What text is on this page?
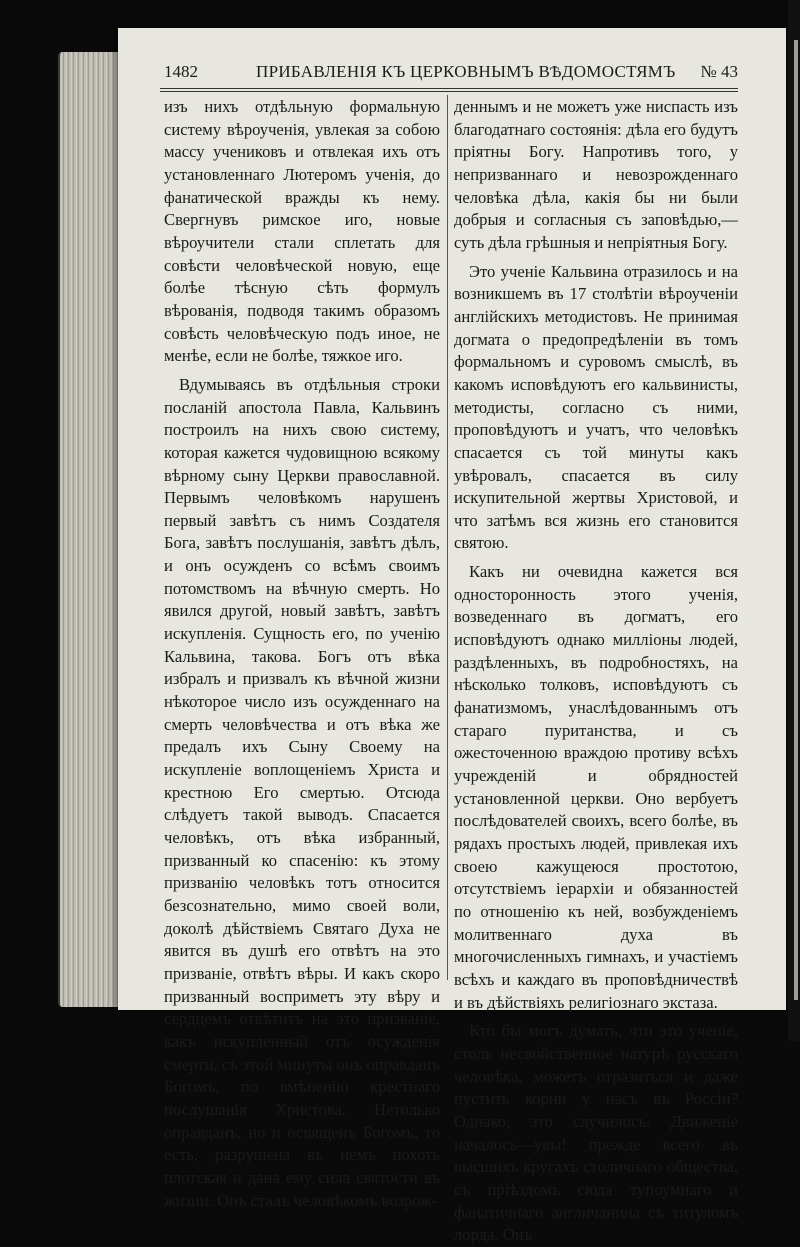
1482	ПРИБАВЛЕНІЯ КЪ ЦЕРКОВНЫМЪ ВѢДОМОСТЯМЪ № 43

изъ нихъ отдѣльную формальную систему вѣроученія, увлекая за собою массу учениковъ и отвлекая ихъ отъ установленнаго Лютеромъ ученія, до фанатической вражды къ нему. Свергнувъ римское иго, новые вѣроучители стали сплетать для совѣсти человѣческой новую, еще болѣе тѣсную сѣть формулъ вѣрованія, подводя такимъ образомъ совѣсть человѣческую подъ иное, не менѣе, если не болѣе, тяжкое иго.

Вдумываясь въ отдѣльныя строки посланій апостола Павла, Кальвинъ построилъ на нихъ свою систему, которая кажется чудовищною всякому вѣрному сыну Церкви православной. Первымъ человѣкомъ нарушенъ первый завѣтъ съ нимъ Создателя Бога, завѣтъ послушанія, завѣтъ дѣлъ, и онъ осужденъ со всѣмъ своимъ потомствомъ на вѣчную смерть. Но явился другой, новый завѣтъ, завѣтъ искупленія. Сущность его, по ученію Кальвина, такова. Богъ отъ вѣка избралъ и призвалъ къ вѣчной жизни нѣкоторое число изъ осужденнаго на смерть человѣчества и отъ вѣка же предалъ ихъ Сыну Своему на искупленіе воплощеніемъ Христа и крестною Его смертью. Отсюда слѣдуетъ такой выводъ. Спасается человѣкъ, отъ вѣка избранный, призванный ко спасенію: къ этому призванію человѣкъ тотъ относится безсознательно, мимо своей воли, доколѣ дѣйствіемъ Святаго Духа не явится въ душѣ его отвѣтъ на это призваніе, отвѣтъ вѣры. И какъ скоро призванный восприметъ эту вѣру и сердцемъ отвѣтитъ на это призваніе, какъ искупленный отъ осужденія смерти, съ этой минуты онъ оправданъ Богомъ, по вмѣненію крестнаго послушанія Христова. Нетолько оправданъ, но и освященъ Богомъ, то есть, разрушена въ немъ похоть плотская и дана ему сила святости въ жизни. Онъ сталъ человѣкомъ возрож-

деннымъ и не можетъ уже ниспасть изъ благодатнаго состоянія: дѣла его будутъ пріятны Богу. Напротивъ того, у непризваннаго и невозрожденнаго человѣка дѣла, какія бы ни были добрыя и согласныя съ заповѣдью,—суть дѣла грѣшныя и непріятныя Богу.

Это ученіе Кальвина отразилось и на возникшемъ въ 17 столѣтіи вѣроученіи англійскихъ методистовъ. Не принимая догмата о предопредѣленіи въ томъ формальномъ и суровомъ смыслѣ, въ какомъ исповѣдуютъ его кальвинисты, методисты, согласно съ ними, проповѣдуютъ и учатъ, что человѣкъ спасается съ той минуты какъ увѣровалъ, спасается въ силу искупительной жертвы Христовой, и что затѣмъ вся жизнь его становится святою.

Какъ ни очевидна кажется вся односторонность этого ученія, возведеннаго въ догматъ, его исповѣдуютъ однако милліоны людей, раздѣленныхъ, въ подробностяхъ, на нѣсколько толковъ, исповѣдуютъ съ фанатизмомъ, унаслѣдованнымъ отъ стараго пуританства, и съ ожесточенною враждою противу всѣхъ учрежденій и обрядностей установленной церкви. Оно вербуетъ послѣдователей своихъ, всего болѣе, въ рядахъ простыхъ людей, привлекая ихъ своею кажущеюся простотою, отсутствіемъ іерархіи и обязанностей по отношенію къ ней, возбужденіемъ молитвеннаго духа въ многочисленныхъ гимнахъ, и участіемъ всѣхъ и каждаго въ проповѣдничествѣ и въ дѣйствіяхъ религіознаго экстаза.

Кто бы могъ думать, что это ученіе, столь несвойственное натурѣ русскаго человѣка, можетъ отразиться и даже пустить корни у насъ въ Россіи? Однако, это случилось. Движеніе началось—увы! прежде всего въ высшихъ кругахъ столичнаго общества, съ пріѣздомъ сюда тупоумнаго и фанатичнаго англичанина съ титуломъ лорда. Онъ
